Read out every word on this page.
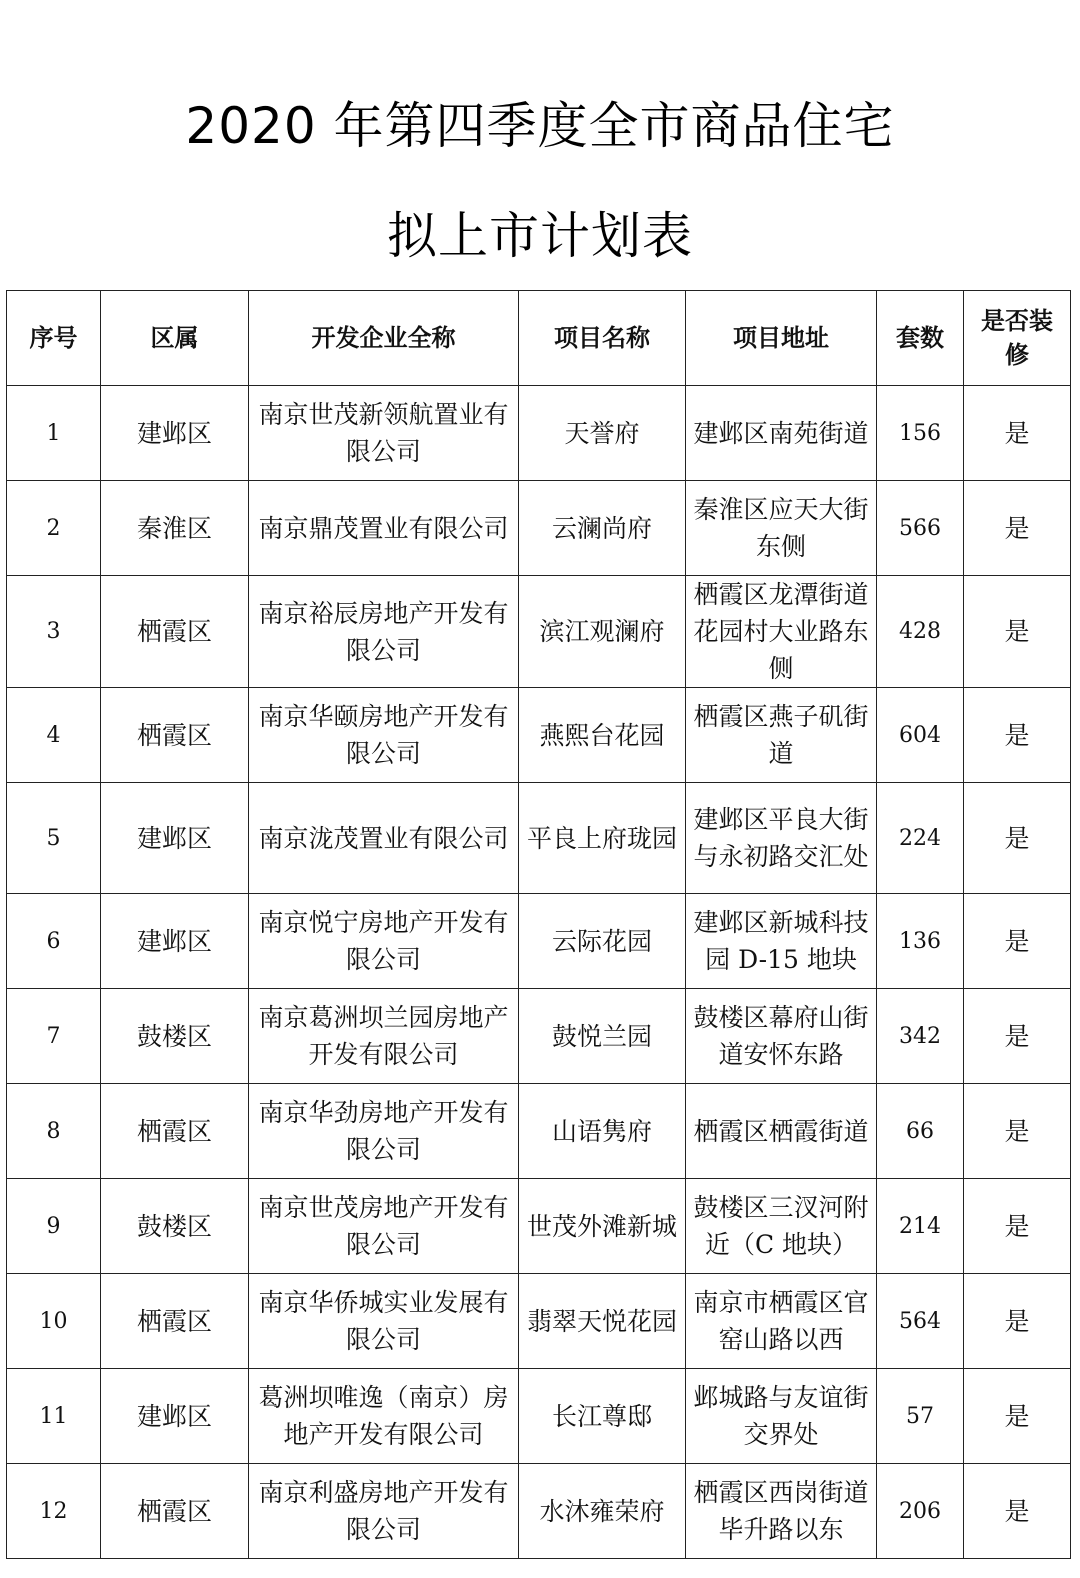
2020 年第四季度全市商品住宅
拟上市计划表
序号	区属	开发企业全称	项目名称	项目地址	套数	是否装修
1	建邺区	南京世茂新领航置业有限公司	天誉府	建邺区南苑街道	156	是
2	秦淮区	南京鼎茂置业有限公司	云澜尚府	秦淮区应天大街东侧	566	是
3	栖霞区	南京裕辰房地产开发有限公司	滨江观澜府	栖霞区龙潭街道花园村大业路东侧	428	是
4	栖霞区	南京华颐房地产开发有限公司	燕熙台花园	栖霞区燕子矶街道	604	是
5	建邺区	南京泷茂置业有限公司	平良上府珑园	建邺区平良大街与永初路交汇处	224	是
6	建邺区	南京悦宁房地产开发有限公司	云际花园	建邺区新城科技园 D-15 地块	136	是
7	鼓楼区	南京葛洲坝兰园房地产开发有限公司	鼓悦兰园	鼓楼区幕府山街道安怀东路	342	是
8	栖霞区	南京华劲房地产开发有限公司	山语隽府	栖霞区栖霞街道	66	是
9	鼓楼区	南京世茂房地产开发有限公司	世茂外滩新城	鼓楼区三汊河附近（C 地块）	214	是
10	栖霞区	南京华侨城实业发展有限公司	翡翠天悦花园	南京市栖霞区官窑山路以西	564	是
11	建邺区	葛洲坝唯逸（南京）房地产开发有限公司	长江尊邸	邺城路与友谊街交界处	57	是
12	栖霞区	南京利盛房地产开发有限公司	水沐雍荣府	栖霞区西岗街道毕升路以东	206	是
